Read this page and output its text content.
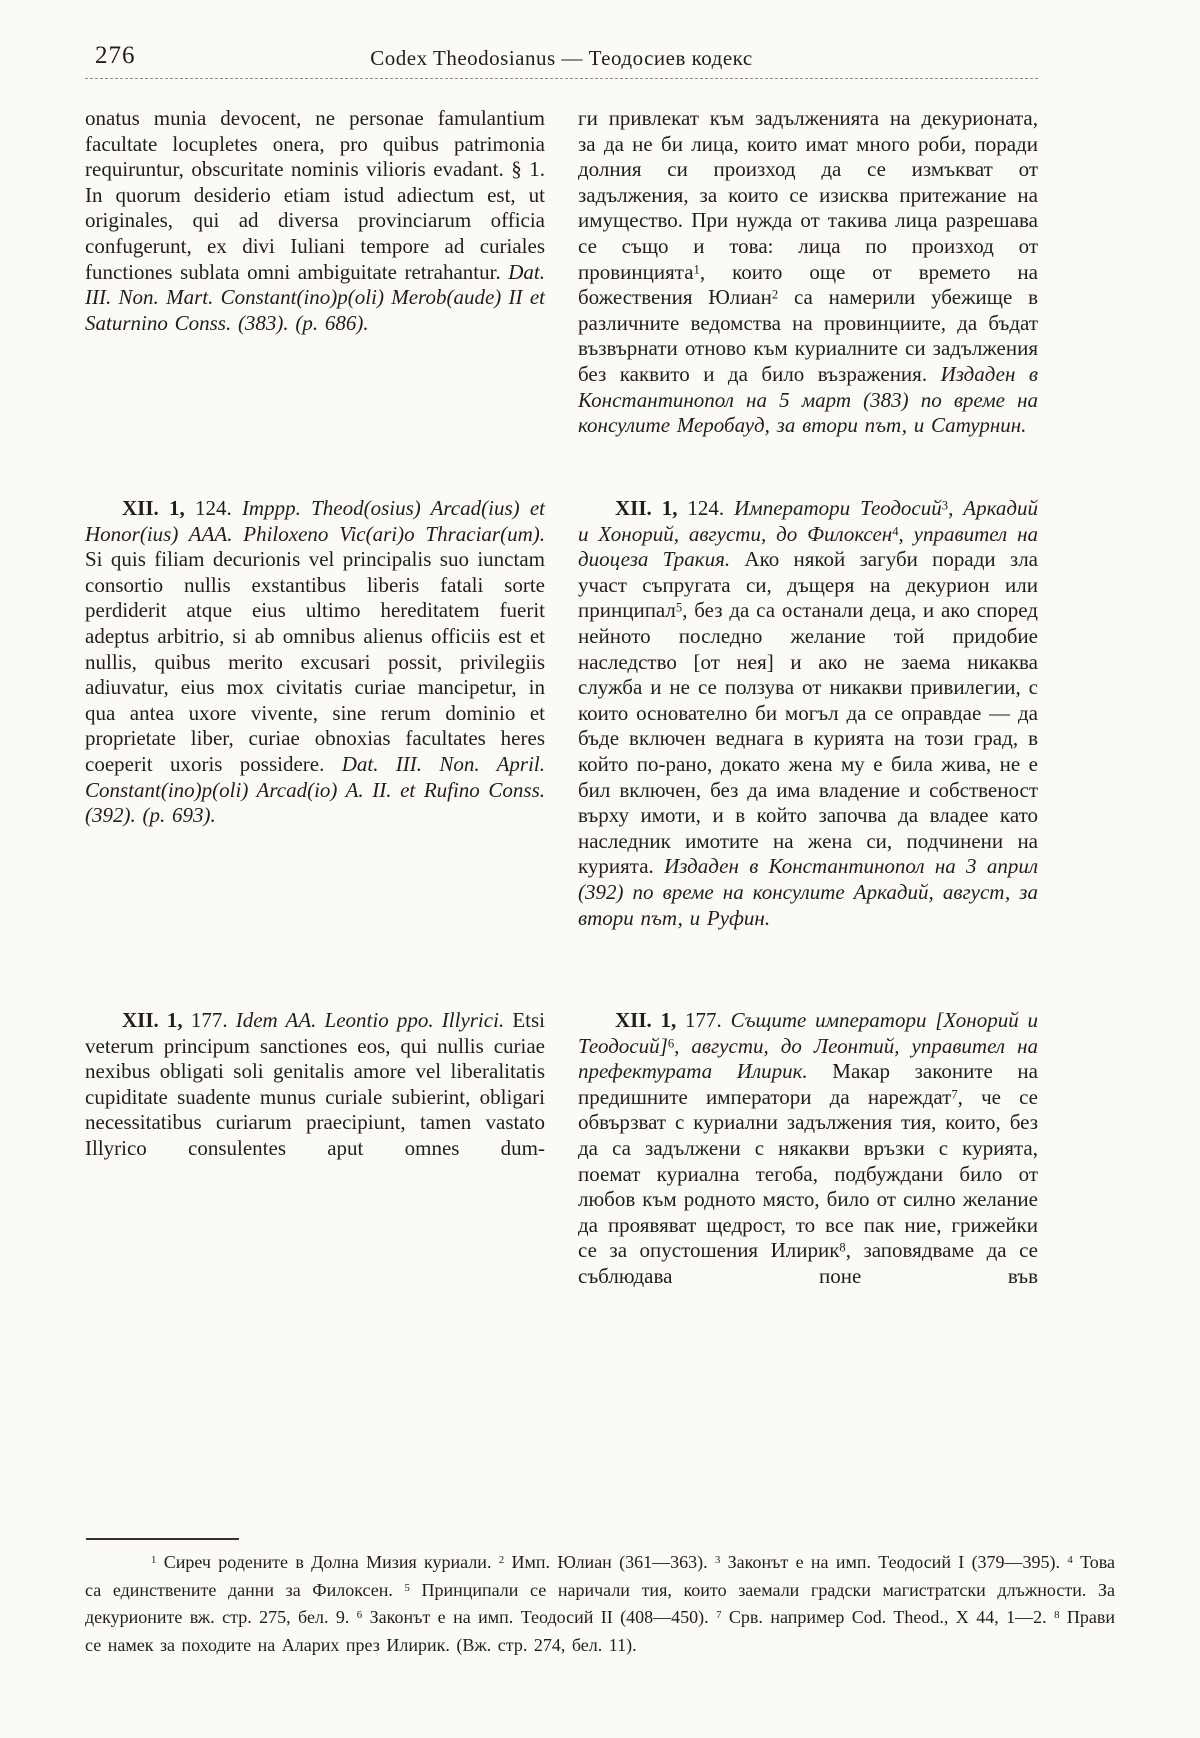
276	Codex Theodosianus — Теодосиев кодекс
onatus munia devocent, ne personae famulantium facultate locupletes onera, pro quibus patrimonia requiruntur, obscuritate nominis vilioris evadant. § 1. In quorum desiderio etiam istud adiectum est, ut originales, qui ad diversa provinciarum officia confugerunt, ex divi Iuliani tempore ad curiales functiones sublata omni ambiguitate retrahantur. Dat. III. Non. Mart. Constant(ino)p(oli) Merob(aude) II et Saturnino Conss. (383). (p. 686).
ги привлекат към задълженията на декурионата, за да не би лица, които имат много роби, поради долния си произход да се измъкват от задължения, за които се изисква притежание на имущество. При нужда от такива лица разрешава се също и това: лица по произход от провинцията$^1$, които още от времето на божествения Юлиан$^2$ са намерили убежище в различните ведомства на провинциите, да бъдат възвърнати отново към куриалните си задължения без каквито и да било възражения. Издаден в Константинопол на 5 март (383) по време на консулите Меробауд, за втори път, и Сатурнин.
XII. 1, 124. Imppp. Theod(osius) Arcad(ius) et Honor(ius) AAA. Philoxeno Vic(ari)o Thraciar(um). Si quis filiam decurionis vel principalis suo iunctam consortio nullis exstantibus liberis fatali sorte perdiderit atque eius ultimo hereditatem fuerit adeptus arbitrio, si ab omnibus alienus officiis est et nullis, quibus merito excusari possit, privilegiis adiuvatur, eius mox civitatis curiae mancipetur, in qua antea uxore vivente, sine rerum dominio et proprietate liber, curiae obnoxias facultates heres coeperit uxoris possidere. Dat. III. Non. April. Constant(ino)p(oli) Arcad(io) A. II. et Rufino Conss. (392). (p. 693).
XII. 1, 124. Императори Теодосий$^3$, Аркадий и Хонорий, августи, до Филоксен$^4$, управител на диоцеза Тракия. Ако някой загуби поради зла участ съпругата си, дъщеря на декурион или принципал$^5$, без да са останали деца, и ако според нейното последно желание той придобие наследство [от нея] и ако не заема никаква служба и не се ползува от никакви привилегии, с които основателно би могъл да се оправдае — да бъде включен веднага в курията на този град, в който по-рано, докато жена му е била жива, не е бил включен, без да има владение и собственост върху имоти, и в който започва да владее като наследник имотите на жена си, подчинени на курията. Издаден в Константинопол на 3 април (392) по време на консулите Аркадий, август, за втори път, и Руфин.
XII. 1, 177. Idem AA. Leontio ppo. Illyrici. Etsi veterum principum sanctiones eos, qui nullis curiae nexibus obligati soli genitalis amore vel liberalitatis cupiditate suadente munus curiale subierint, obligari necessitatibus curiarum praecipiunt, tamen vastato Illyrico consulentes aput omnes dum-
XII. 1, 177. Същите императори [Хонорий и Теодосий]$^6$, августи, до Леонтий, управител на префектурата Илирик. Макар законите на предишните императори да нареждат$^7$, че се обвързват с куриални задължения тия, които, без да са задължени с някакви връзки с курията, поемат куриална тегоба, подбуждани било от любов към родното място, било от силно желание да проявяват щедрост, то все пак ние, грижейки се за опустошения Илирик$^8$, заповядваме да се съблюдава поне във
$^1$ Сиреч родените в Долна Мизия куриали. $^2$ Имп. Юлиан (361—363). $^3$ Законът е на имп. Теодосий I (379—395). $^4$ Това са единствените данни за Филоксен. $^5$ Принципали се наричали тия, които заемали градски магистратски длъжности. За декурионите вж. стр. 275, бел. 9. $^6$ Законът е на имп. Теодосий II (408—450). $^7$ Срв. например Cod. Theod., X 44, 1—2. $^8$ Прави се намек за походите на Аларих през Илирик. (Вж. стр. 274, бел. 11).
